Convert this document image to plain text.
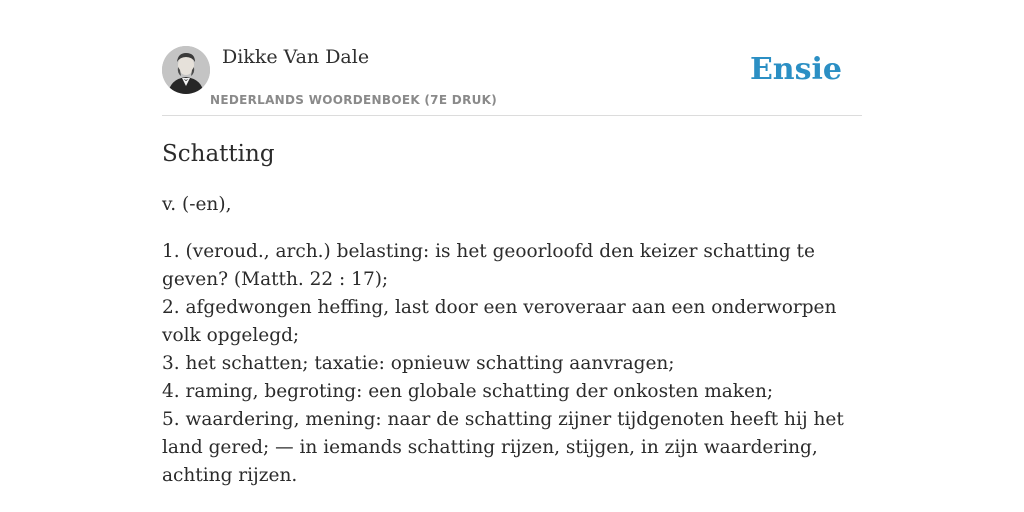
Dikke Van Dale
NEDERLANDS WOORDENBOEK (7E DRUK)
Ensie
Schatting
v. (-en),
1. (veroud., arch.) belasting: is het geoorloofd den keizer schatting te geven? (Matth. 22 : 17);
2. afgedwongen heffing, last door een veroveraar aan een onderworpen volk opgelegd;
3. het schatten; taxatie: opnieuw schatting aanvragen;
4. raming, begroting: een globale schatting der onkosten maken;
5. waardering, mening: naar de schatting zijner tijdgenoten heeft hij het land gered; — in iemands schatting rijzen, stijgen, in zijn waardering, achting rijzen.
